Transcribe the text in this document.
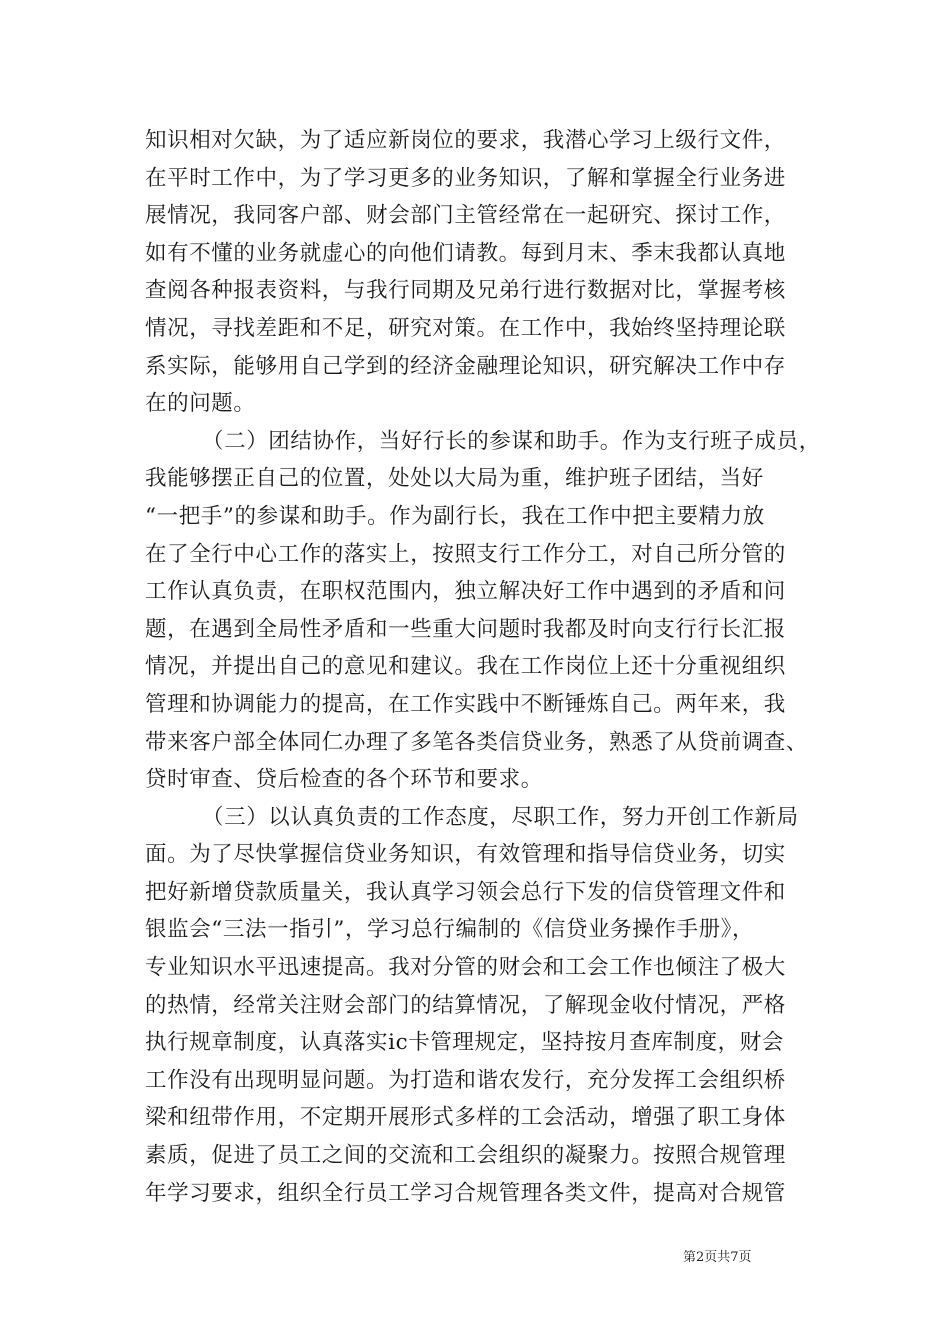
知识相对欠缺，为了适应新岗位的要求，我潜心学习上级行文件，
在平时工作中，为了学习更多的业务知识，了解和掌握全行业务进
展情况，我同客户部、财会部门主管经常在一起研究、探讨工作，
如有不懂的业务就虚心的向他们请教。每到月末、季末我都认真地
查阅各种报表资料，与我行同期及兄弟行进行数据对比，掌握考核
情况，寻找差距和不足，研究对策。在工作中，我始终坚持理论联
系实际，能够用自己学到的经济金融理论知识，研究解决工作中存
在的问题。
（二）团结协作，当好行长的参谋和助手。作为支行班子成员，
我能够摆正自己的位置，处处以大局为重，维护班子团结，当好
“一把手”的参谋和助手。作为副行长，我在工作中把主要精力放
在了全行中心工作的落实上，按照支行工作分工，对自己所分管的
工作认真负责，在职权范围内，独立解决好工作中遇到的矛盾和问
题，在遇到全局性矛盾和一些重大问题时我都及时向支行行长汇报
情况，并提出自己的意见和建议。我在工作岗位上还十分重视组织
管理和协调能力的提高，在工作实践中不断锤炼自己。两年来，我
带来客户部全体同仁办理了多笔各类信贷业务，熟悉了从贷前调查、
贷时审查、贷后检查的各个环节和要求。
（三）以认真负责的工作态度，尽职工作，努力开创工作新局
面。为了尽快掌握信贷业务知识，有效管理和指导信贷业务，切实
把好新增贷款质量关，我认真学习领会总行下发的信贷管理文件和
银监会“三法一指引”，学习总行编制的《信贷业务操作手册》，
专业知识水平迅速提高。我对分管的财会和工会工作也倾注了极大
的热情，经常关注财会部门的结算情况，了解现金收付情况，严格
执行规章制度，认真落实ic卡管理规定，坚持按月查库制度，财会
工作没有出现明显问题。为打造和谐农发行，充分发挥工会组织桥
梁和纽带作用，不定期开展形式多样的工会活动，增强了职工身体
素质，促进了员工之间的交流和工会组织的凝聚力。按照合规管理
年学习要求，组织全行员工学习合规管理各类文件，提高对合规管
第2页共7页
